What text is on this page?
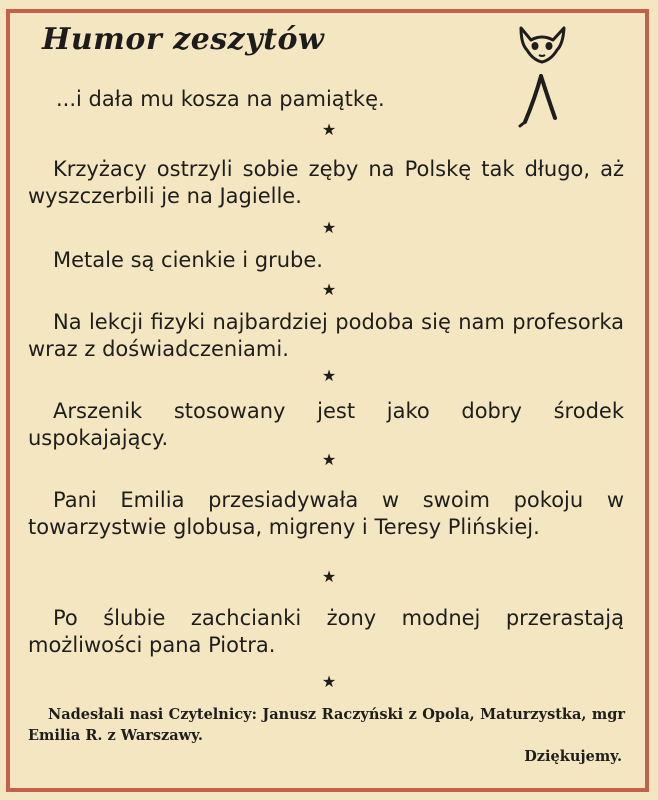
Humor zeszytów

...i dała mu kosza na pamiątkę.

★

Krzyżacy ostrzyli sobie zęby na Polskę tak długo, aż wyszczerbili je na Jagielle.

★

Metale są cienkie i grube.

★

Na lekcji fizyki najbardziej podoba się nam profesorka wraz z doświadczeniami.

★

Arszenik stosowany jest jako dobry środek uspokajający.

★

Pani Emilia przesiadywała w swoim pokoju w towarzystwie globusa, migreny i Teresy Plińskiej.

★

Po ślubie zachcianki żony modnej przerastają możliwości pana Piotra.

★

Nadesłali nasi Czytelnicy: Janusz Raczyński z Opola, Maturzystka, mgr Emilia R. z Warszawy.

Dziękujemy.
